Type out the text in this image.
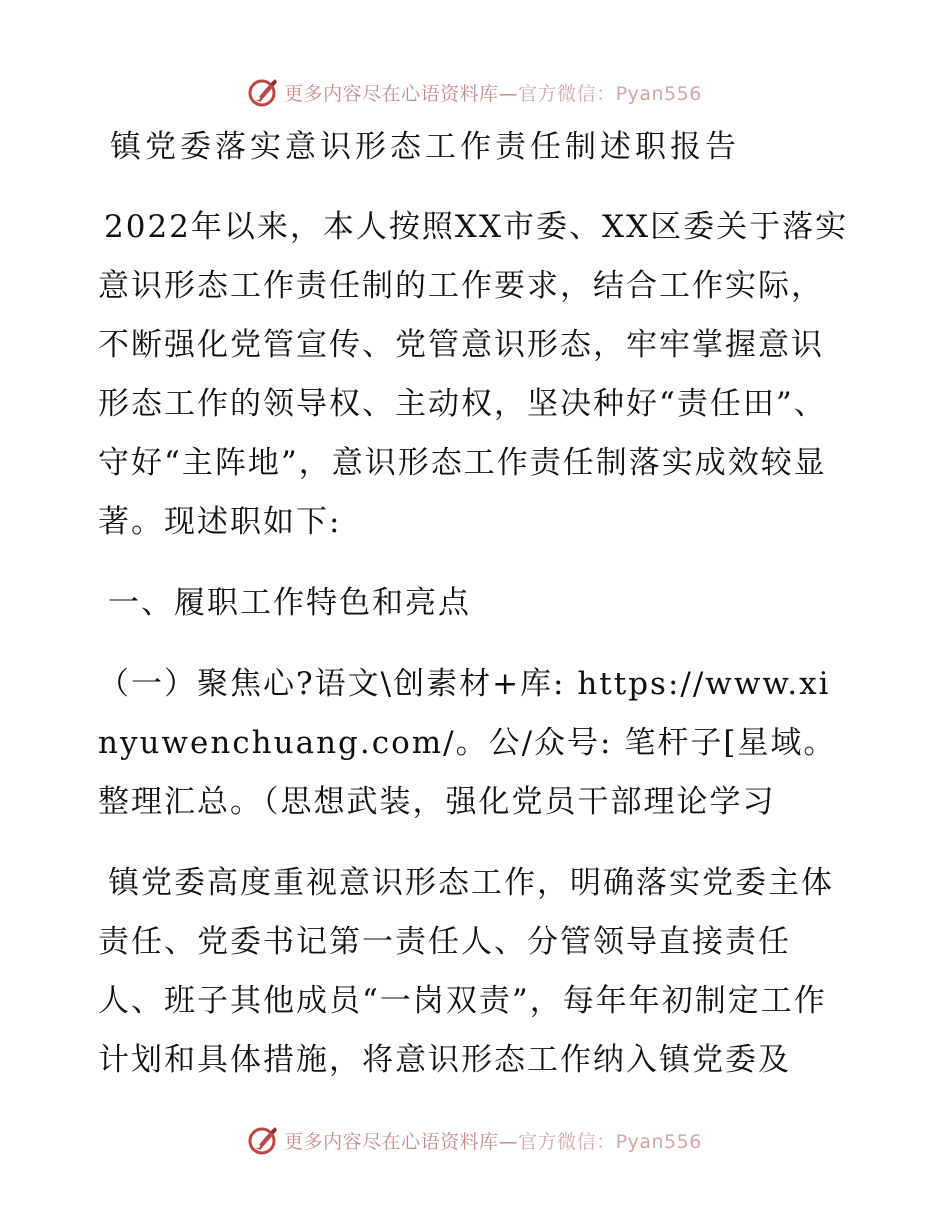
更多内容尽在心语资料库—官方微信：Pyan556
镇党委落实意识形态工作责任制述职报告

2022年以来，本人按照XX市委、XX区委关于落实意识形态工作责任制的工作要求，结合工作实际，不断强化党管宣传、党管意识形态，牢牢掌握意识形态工作的领导权、主动权，坚决种好“责任田”、守好“主阵地”，意识形态工作责任制落实成效较显著。现述职如下:

一、履职工作特色和亮点

（一）聚焦心?语文\创素材+库: https://www.xinyuwenchuang.com/。公/众号: 笔杆子[星域。整理汇总。（思想武装，强化党员干部理论学习

镇党委高度重视意识形态工作，明确落实党委主体责任、党委书记第一责任人、分管领导直接责任人、班子其他成员“一岗双责”，每年年初制定工作计划和具体措施，将意识形态工作纳入镇党委及

更多内容尽在心语资料库—官方微信：Pyan556
